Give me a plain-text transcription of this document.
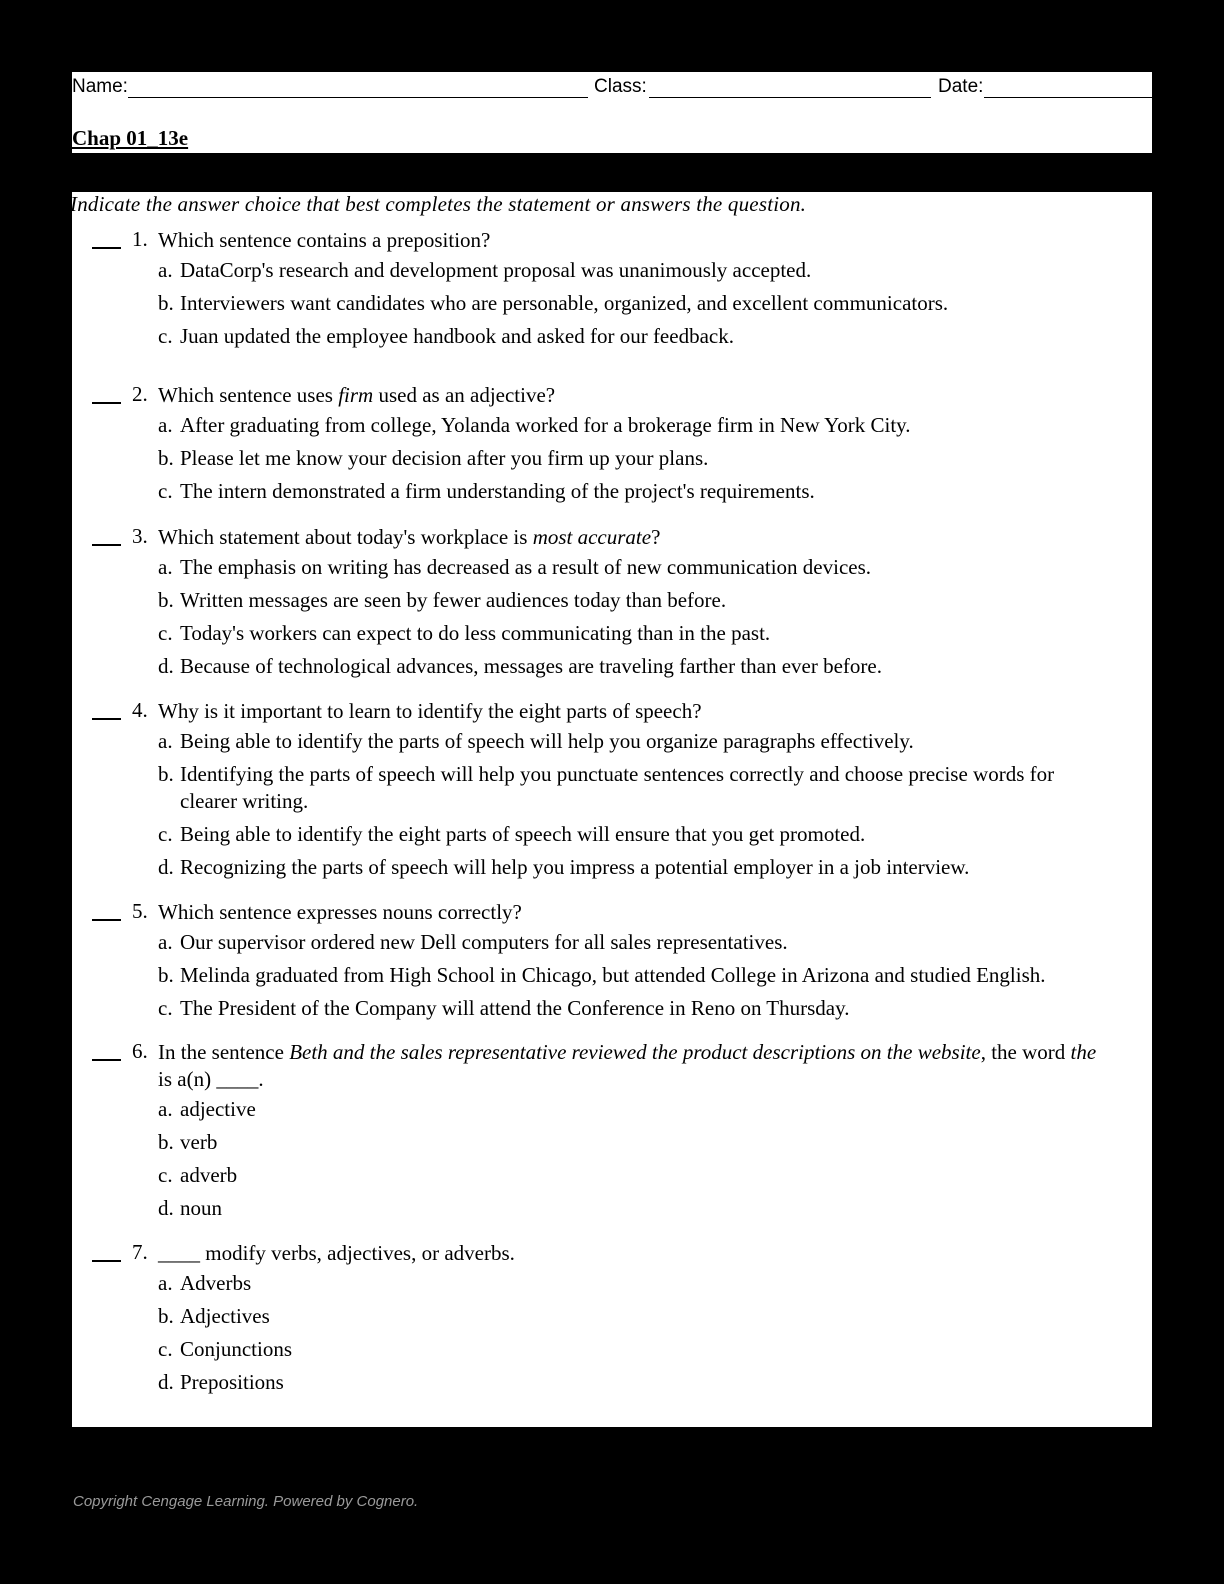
Name:	Class:	Date:
Chap 01_13e
Indicate the answer choice that best completes the statement or answers the question.
1. Which sentence contains a preposition?
a. DataCorp's research and development proposal was unanimously accepted.
b. Interviewers want candidates who are personable, organized, and excellent communicators.
c. Juan updated the employee handbook and asked for our feedback.
2. Which sentence uses firm used as an adjective?
a. After graduating from college, Yolanda worked for a brokerage firm in New York City.
b. Please let me know your decision after you firm up your plans.
c. The intern demonstrated a firm understanding of the project's requirements.
3. Which statement about today's workplace is most accurate?
a. The emphasis on writing has decreased as a result of new communication devices.
b. Written messages are seen by fewer audiences today than before.
c. Today's workers can expect to do less communicating than in the past.
d. Because of technological advances, messages are traveling farther than ever before.
4. Why is it important to learn to identify the eight parts of speech?
a. Being able to identify the parts of speech will help you organize paragraphs effectively.
b. Identifying the parts of speech will help you punctuate sentences correctly and choose precise words for clearer writing.
c. Being able to identify the eight parts of speech will ensure that you get promoted.
d. Recognizing the parts of speech will help you impress a potential employer in a job interview.
5. Which sentence expresses nouns correctly?
a. Our supervisor ordered new Dell computers for all sales representatives.
b. Melinda graduated from High School in Chicago, but attended College in Arizona and studied English.
c. The President of the Company will attend the Conference in Reno on Thursday.
6. In the sentence Beth and the sales representative reviewed the product descriptions on the website, the word the is a(n) ____.
a. adjective
b. verb
c. adverb
d. noun
7. ____ modify verbs, adjectives, or adverbs.
a. Adverbs
b. Adjectives
c. Conjunctions
d. Prepositions
Copyright Cengage Learning. Powered by Cognero.
